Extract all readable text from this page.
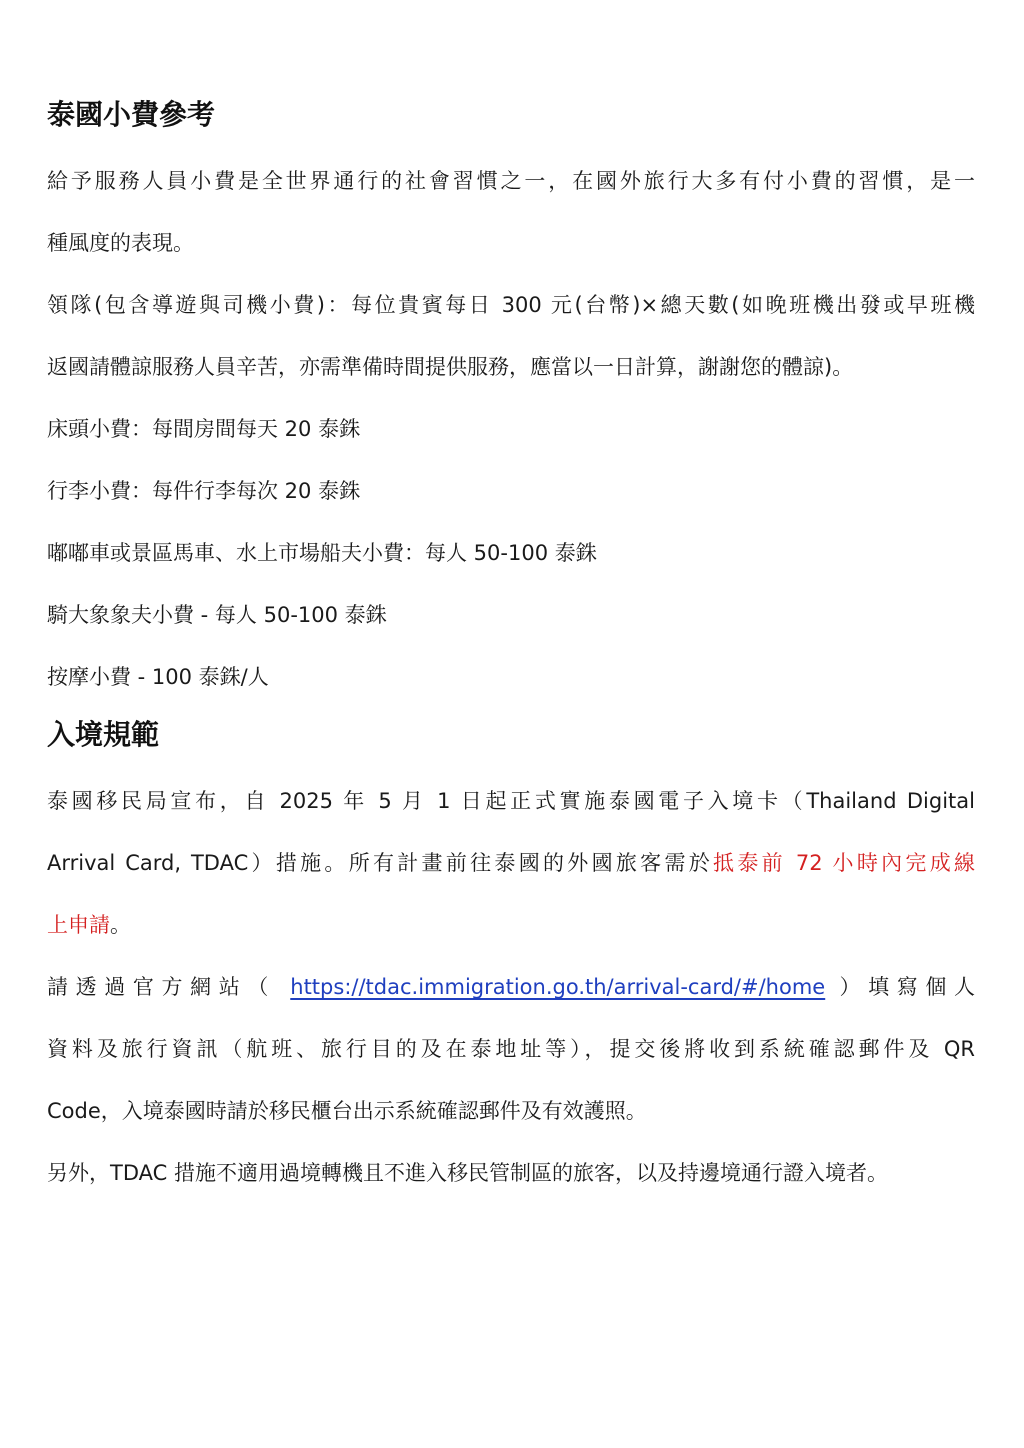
泰國小費參考
給予服務人員小費是全世界通行的社會習慣之一，在國外旅行大多有付小費的習慣，是一
種風度的表現。
領隊(包含導遊與司機小費)：每位貴賓每日 300 元(台幣)×總天數(如晚班機出發或早班機
返國請體諒服務人員辛苦，亦需準備時間提供服務，應當以一日計算，謝謝您的體諒)。

床頭小費：每間房間每天 20 泰銖

行李小費：每件行李每次 20 泰銖

嘟嘟車或景區馬車、水上市場船夫小費：每人 50-100 泰銖

騎大象象夫小費 - 每人 50-100 泰銖

按摩小費 - 100 泰銖/人

入境規範
泰國移民局宣布，自 2025 年 5 月 1 日起正式實施泰國電子入境卡（Thailand Digital
Arrival Card, TDAC）措施。所有計畫前往泰國的外國旅客需於抵泰前 72 小時內完成線
上申請。
請透過官方網站（ https://tdac.immigration.go.th/arrival-card/#/home ）填寫個人
資料及旅行資訊（航班、旅行目的及在泰地址等），提交後將收到系統確認郵件及 QR
Code，入境泰國時請於移民櫃台出示系統確認郵件及有效護照。

另外，TDAC 措施不適用過境轉機且不進入移民管制區的旅客，以及持邊境通行證入境者。
